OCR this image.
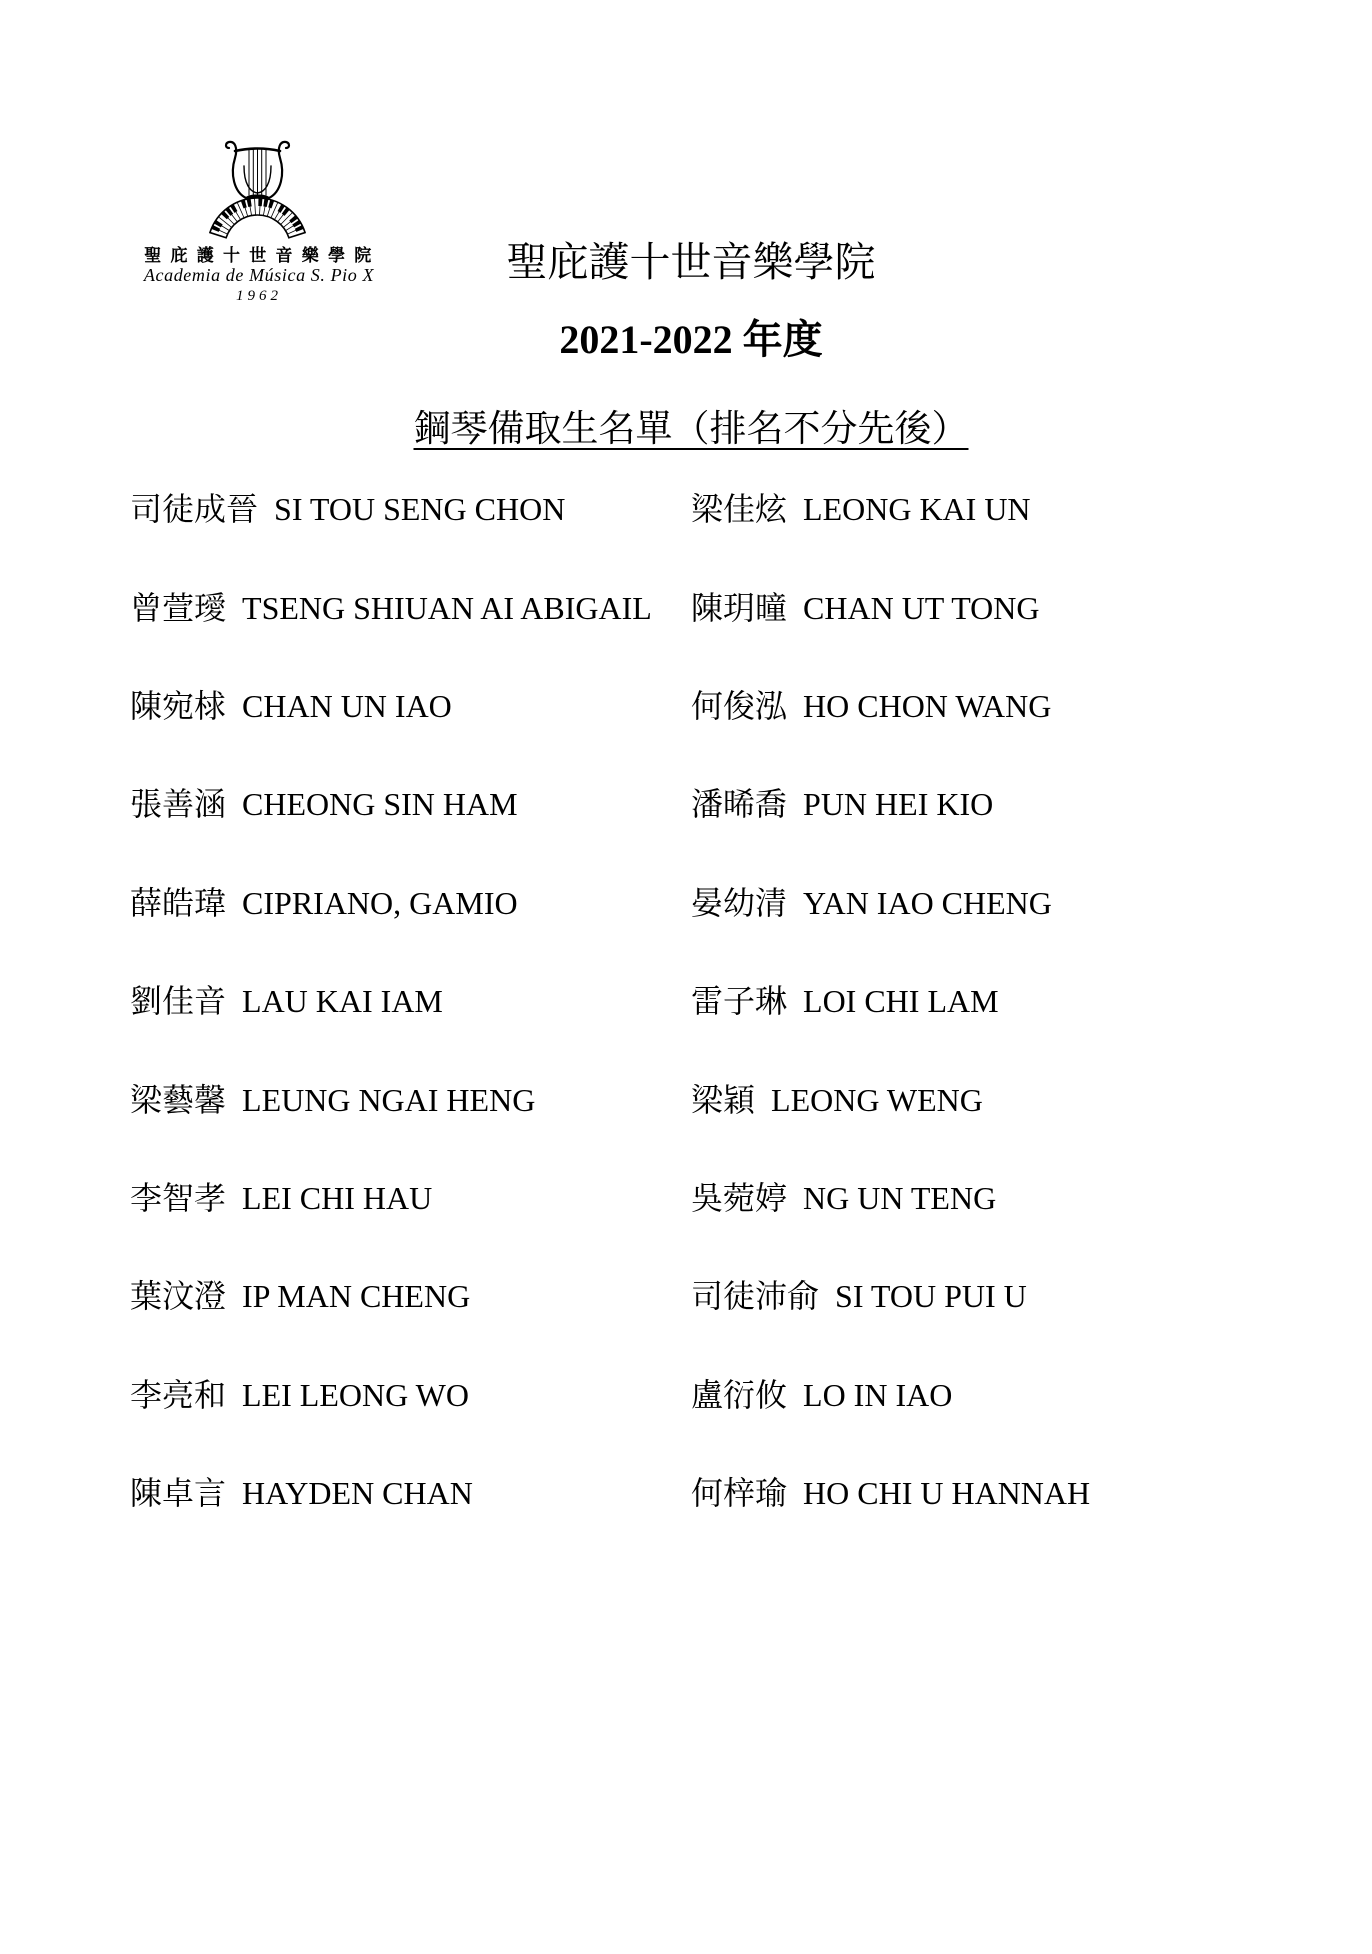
聖 庇 護 十 世 音 樂 學 院
Academia de Música S. Pio X
1962
聖庇護十世音樂學院
2021-2022 年度
鋼琴備取生名單（排名不分先後）
司徒成晉 SI TOU SENG CHON
曾萱璦 TSENG SHIUAN AI ABIGAIL
陳宛梂 CHAN UN IAO
張善涵 CHEONG SIN HAM
薛皓瑋 CIPRIANO, GAMIO
劉佳音 LAU KAI IAM
梁藝馨 LEUNG NGAI HENG
李智孝 LEI CHI HAU
葉汶澄 IP MAN CHENG
李亮和 LEI LEONG WO
陳卓言 HAYDEN CHAN
梁佳炫 LEONG KAI UN
陳玥曈 CHAN UT TONG
何俊泓 HO CHON WANG
潘晞喬 PUN HEI KIO
晏幼清 YAN IAO CHENG
雷子琳 LOI CHI LAM
梁穎 LEONG WENG
吳菀婷 NG UN TENG
司徒沛俞 SI TOU PUI U
盧衍攸 LO IN IAO
何梓瑜 HO CHI U HANNAH
